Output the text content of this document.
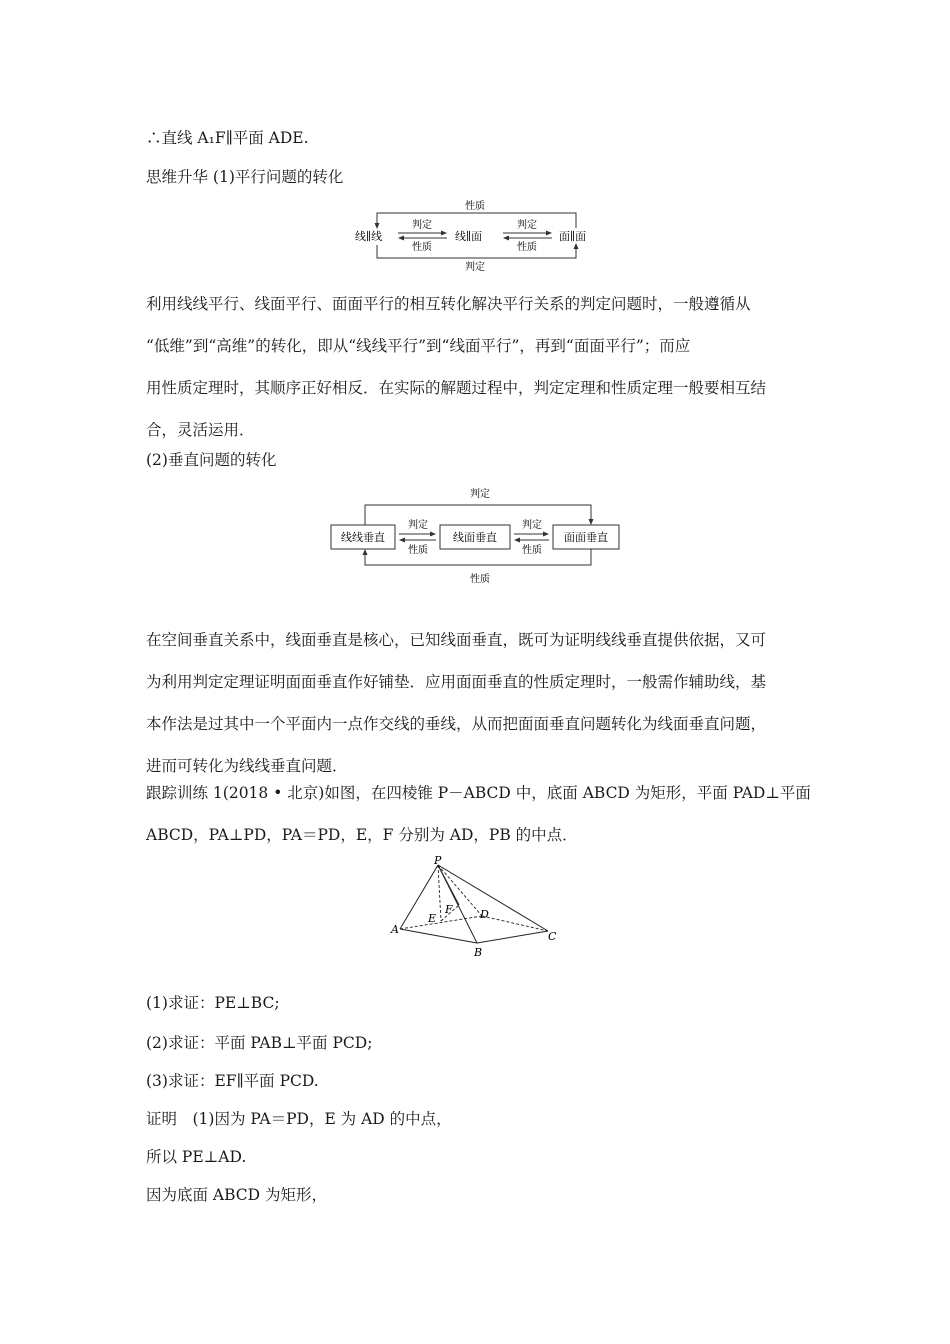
∴直线 A₁F∥平面 ADE.
思维升华 (1)平行问题的转化
性质
判定
线∥线	线∥面	面∥面
判定
性质
判定
性质
利用线线平行、线面平行、面面平行的相互转化解决平行关系的判定问题时，一般遵循从
“低维”到“高维”的转化，即从“线线平行”到“线面平行”，再到“面面平行”；而应
用性质定理时，其顺序正好相反．在实际的解题过程中，判定定理和性质定理一般要相互结
合，灵活运用．
(2)垂直问题的转化
判定
性质
线线垂直	线面垂直	面面垂直
判定
性质
判定
性质
在空间垂直关系中，线面垂直是核心，已知线面垂直，既可为证明线线垂直提供依据，又可
为利用判定定理证明面面垂直作好铺垫．应用面面垂直的性质定理时，一般需作辅助线，基
本作法是过其中一个平面内一点作交线的垂线，从而把面面垂直问题转化为线面垂直问题，
进而可转化为线线垂直问题．
跟踪训练 1(2018 • 北京)如图，在四棱锥 P－ABCD 中，底面 ABCD 为矩形，平面 PAD⊥平面
ABCD，PA⊥PD，PA＝PD，E，F 分别为 AD，PB 的中点．
P
A
B
C
D
E
F
(1)求证：PE⊥BC;
(2)求证：平面 PAB⊥平面 PCD;
(3)求证：EF∥平面 PCD.
证明　(1)因为 PA＝PD，E 为 AD 的中点，
所以 PE⊥AD.
因为底面 ABCD 为矩形，
